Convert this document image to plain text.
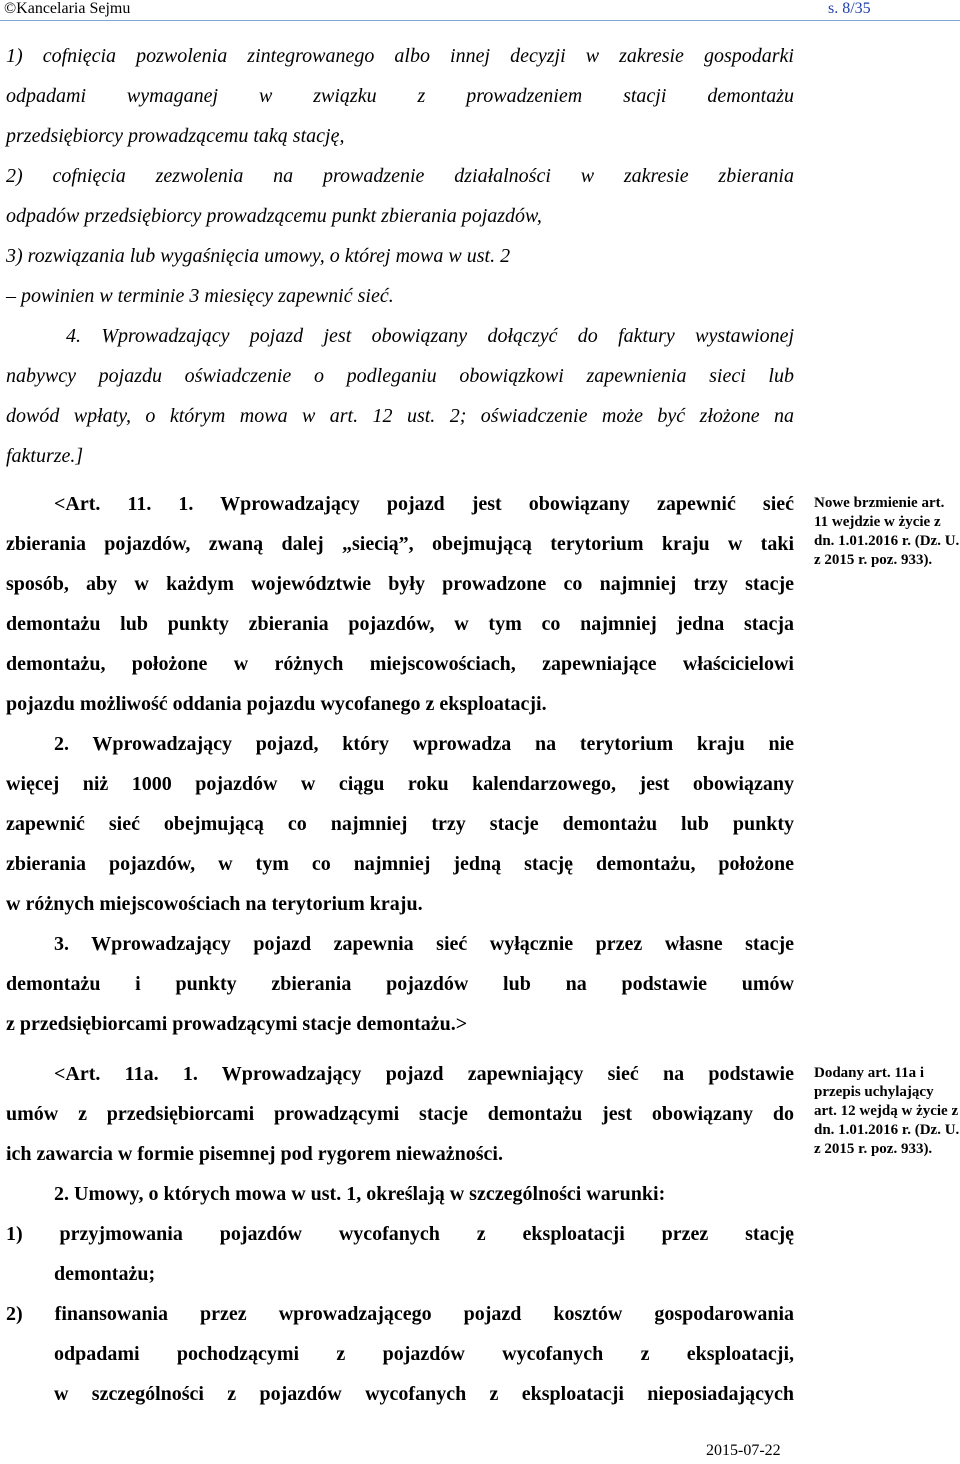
©Kancelaria Sejmu	s. 8/35
1) cofnięcia pozwolenia zintegrowanego albo innej decyzji w zakresie gospodarki
odpadami wymaganej w związku z prowadzeniem stacji demontażu
przedsiębiorcy prowadzącemu taką stację,
2) cofnięcia zezwolenia na prowadzenie działalności w zakresie zbierania
odpadów przedsiębiorcy prowadzącemu punkt zbierania pojazdów,
3) rozwiązania lub wygaśnięcia umowy, o której mowa w ust. 2
– powinien w terminie 3 miesięcy zapewnić sieć.
4. Wprowadzający pojazd jest obowiązany dołączyć do faktury wystawionej
nabywcy pojazdu oświadczenie o podleganiu obowiązkowi zapewnienia sieci lub
dowód wpłaty, o którym mowa w art. 12 ust. 2; oświadczenie może być złożone na
fakturze.]
<Art. 11. 1. Wprowadzający pojazd jest obowiązany zapewnić sieć
zbierania pojazdów, zwaną dalej „siecią”, obejmującą terytorium kraju w taki
sposób, aby w każdym województwie były prowadzone co najmniej trzy stacje
demontażu lub punkty zbierania pojazdów, w tym co najmniej jedna stacja
demontażu, położone w różnych miejscowościach, zapewniające właścicielowi
pojazdu możliwość oddania pojazdu wycofanego z eksploatacji.
2. Wprowadzający pojazd, który wprowadza na terytorium kraju nie
więcej niż 1000 pojazdów w ciągu roku kalendarzowego, jest obowiązany
zapewnić sieć obejmującą co najmniej trzy stacje demontażu lub punkty
zbierania pojazdów, w tym co najmniej jedną stację demontażu, położone
w różnych miejscowościach na terytorium kraju.
3. Wprowadzający pojazd zapewnia sieć wyłącznie przez własne stacje
demontażu i punkty zbierania pojazdów lub na podstawie umów
z przedsiębiorcami prowadzącymi stacje demontażu.>
<Art. 11a. 1. Wprowadzający pojazd zapewniający sieć na podstawie
umów z przedsiębiorcami prowadzącymi stacje demontażu jest obowiązany do
ich zawarcia w formie pisemnej pod rygorem nieważności.
2. Umowy, o których mowa w ust. 1, określają w szczególności warunki:
1) przyjmowania pojazdów wycofanych z eksploatacji przez stację
demontażu;
2) finansowania przez wprowadzającego pojazd kosztów gospodarowania
odpadami pochodzącymi z pojazdów wycofanych z eksploatacji,
w szczególności z pojazdów wycofanych z eksploatacji nieposiadających
Nowe brzmienie art. 11 wejdzie w życie z dn. 1.01.2016 r. (Dz. U. z 2015 r. poz. 933).
Dodany art. 11a i przepis uchylający art. 12 wejdą w życie z dn. 1.01.2016 r. (Dz. U. z 2015 r. poz. 933).
2015-07-22
